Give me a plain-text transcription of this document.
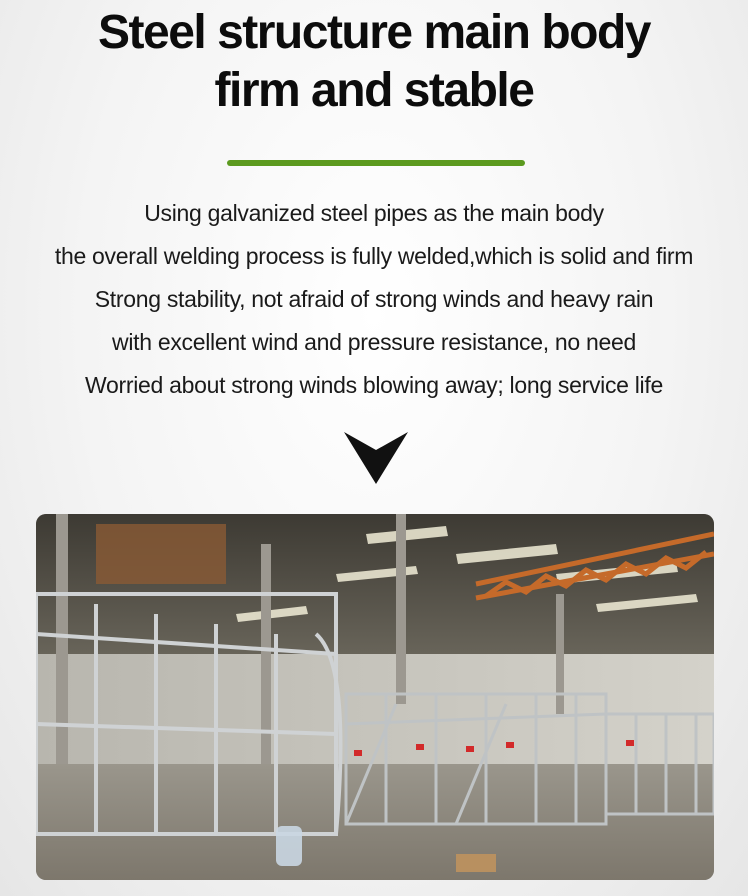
Steel structure main body
firm and stable
Using galvanized steel pipes as the main body
the overall welding process is fully welded,which is solid and firm
Strong stability, not afraid of strong winds and heavy rain
with excellent wind and pressure resistance, no need
Worried about strong winds blowing away; long service life
